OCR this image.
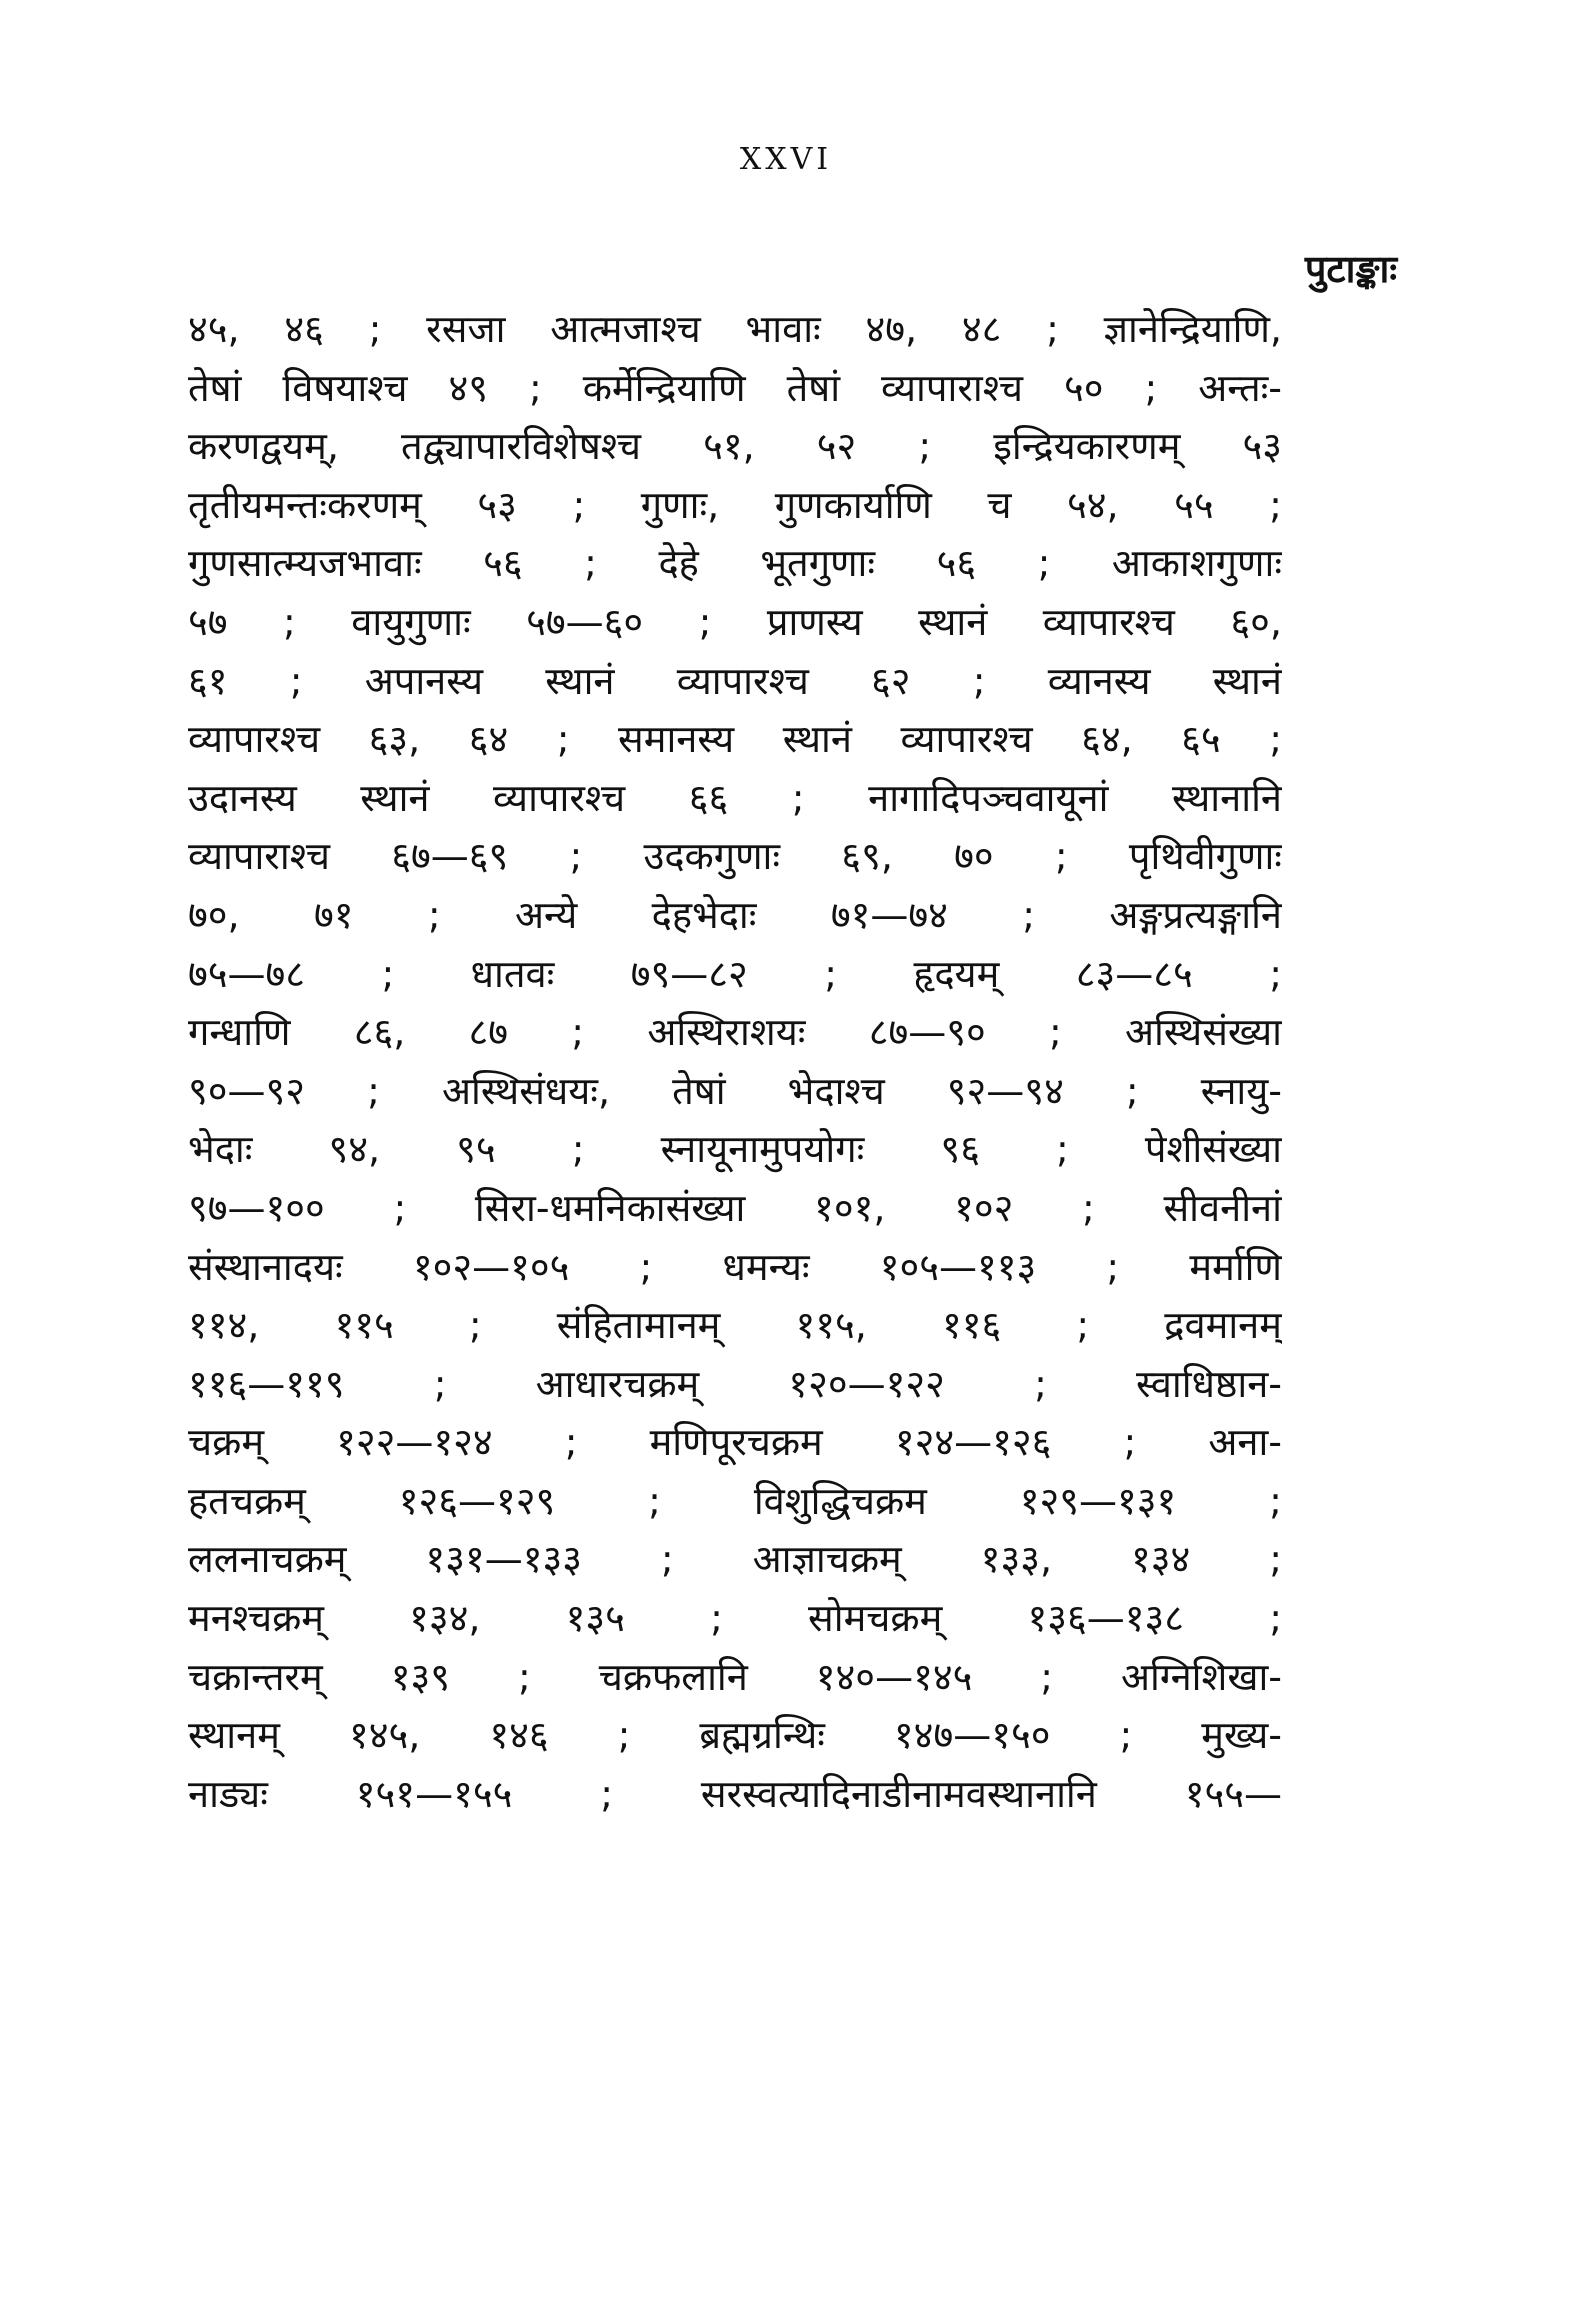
XXVI
पुटाङ्काः
४५, ४६ ; रसजा आत्मजाश्च भावाः ४७, ४८ ; ज्ञानेन्द्रियाणि,
तेषां विषयाश्च ४९ ; कर्मेन्द्रियाणि तेषां व्यापाराश्च ५० ; अन्तः-
करणद्वयम्, तद्व्यापारविशेषश्च ५१, ५२ ; इन्द्रियकारणम् ५३
तृतीयमन्तःकरणम् ५३ ; गुणाः, गुणकार्याणि च ५४, ५५ ;
गुणसात्म्यजभावाः ५६ ; देहे भूतगुणाः ५६ ; आकाशगुणाः
५७ ; वायुगुणाः ५७—६० ; प्राणस्य स्थानं व्यापारश्च ६०,
६१ ; अपानस्य स्थानं व्यापारश्च ६२ ; व्यानस्य स्थानं
व्यापारश्च ६३, ६४ ; समानस्य स्थानं व्यापारश्च ६४, ६५ ;
उदानस्य स्थानं व्यापारश्च ६६ ; नागादिपञ्चवायूनां स्थानानि
व्यापाराश्च ६७—६९ ; उदकगुणाः ६९, ७० ; पृथिवीगुणाः
७०, ७१ ; अन्ये देहभेदाः ७१—७४ ; अङ्गप्रत्यङ्गानि
७५—७८ ; धातवः ७९—८२ ; हृदयम् ८३—८५ ;
गन्धाणि ८६, ८७ ; अस्थिराशयः ८७—९० ; अस्थिसंख्या
९०—९२ ; अस्थिसंधयः, तेषां भेदाश्च ९२—९४ ; स्नायु-
भेदाः ९४, ९५ ; स्नायूनामुपयोगः ९६ ; पेशीसंख्या
९७—१०० ; सिरा-धमनिकासंख्या १०१, १०२ ; सीवनीनां
संस्थानादयः १०२—१०५ ; धमन्यः १०५—११३ ; मर्माणि
११४, ११५ ; संहितामानम् ११५, ११६ ; द्रवमानम्
११६—११९ ; आधारचक्रम् १२०—१२२ ; स्वाधिष्ठान-
चक्रम् १२२—१२४ ; मणिपूरचक्रम १२४—१२६ ; अना-
हतचक्रम् १२६—१२९ ; विशुद्धिचक्रम १२९—१३१ ;
ललनाचक्रम् १३१—१३३ ; आज्ञाचक्रम् १३३, १३४ ;
मनश्चक्रम् १३४, १३५ ; सोमचक्रम् १३६—१३८ ;
चक्रान्तरम् १३९ ; चक्रफलानि १४०—१४५ ; अग्निशिखा-
स्थानम् १४५, १४६ ; ब्रह्मग्रन्थिः १४७—१५० ; मुख्य-
नाड्यः १५१—१५५ ; सरस्वत्यादिनाडीनामवस्थानानि १५५—
